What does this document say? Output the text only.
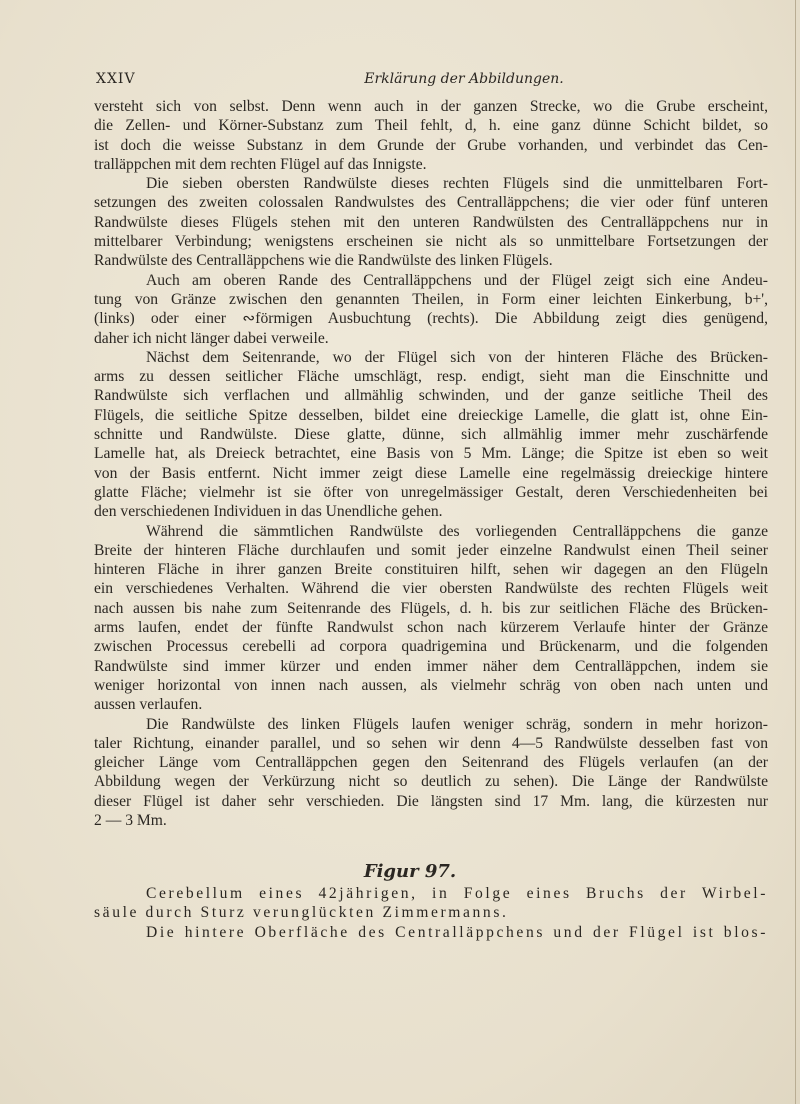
XXIV	Erklärung der Abbildungen.
versteht sich von selbst. Denn wenn auch in der ganzen Strecke, wo die Grube erscheint,
die Zellen- und Körner-Substanz zum Theil fehlt, d, h. eine ganz dünne Schicht bildet, so
ist doch die weisse Substanz in dem Grunde der Grube vorhanden, und verbindet das Cen-
tralläppchen mit dem rechten Flügel auf das Innigste.
Die sieben obersten Randwülste dieses rechten Flügels sind die unmittelbaren Fort-
setzungen des zweiten colossalen Randwulstes des Centralläppchens; die vier oder fünf unteren
Randwülste dieses Flügels stehen mit den unteren Randwülsten des Centralläppchens nur in
mittelbarer Verbindung; wenigstens erscheinen sie nicht als so unmittelbare Fortsetzungen der
Randwülste des Centralläppchens wie die Randwülste des linken Flügels.
Auch am oberen Rande des Centralläppchens und der Flügel zeigt sich eine Andeu-
tung von Gränze zwischen den genannten Theilen, in Form einer leichten Einkerbung, b+',
(links) oder einer ∾förmigen Ausbuchtung (rechts). Die Abbildung zeigt dies genügend,
daher ich nicht länger dabei verweile.
Nächst dem Seitenrande, wo der Flügel sich von der hinteren Fläche des Brücken-
arms zu dessen seitlicher Fläche umschlägt, resp. endigt, sieht man die Einschnitte und
Randwülste sich verflachen und allmählig schwinden, und der ganze seitliche Theil des
Flügels, die seitliche Spitze desselben, bildet eine dreieckige Lamelle, die glatt ist, ohne Ein-
schnitte und Randwülste. Diese glatte, dünne, sich allmählig immer mehr zuschärfende
Lamelle hat, als Dreieck betrachtet, eine Basis von 5 Mm. Länge; die Spitze ist eben so weit
von der Basis entfernt. Nicht immer zeigt diese Lamelle eine regelmässig dreieckige hintere
glatte Fläche; vielmehr ist sie öfter von unregelmässiger Gestalt, deren Verschiedenheiten bei
den verschiedenen Individuen in das Unendliche gehen.
Während die sämmtlichen Randwülste des vorliegenden Centralläppchens die ganze
Breite der hinteren Fläche durchlaufen und somit jeder einzelne Randwulst einen Theil seiner
hinteren Fläche in ihrer ganzen Breite constituiren hilft, sehen wir dagegen an den Flügeln
ein verschiedenes Verhalten. Während die vier obersten Randwülste des rechten Flügels weit
nach aussen bis nahe zum Seitenrande des Flügels, d. h. bis zur seitlichen Fläche des Brücken-
arms laufen, endet der fünfte Randwulst schon nach kürzerem Verlaufe hinter der Gränze
zwischen Processus cerebelli ad corpora quadrigemina und Brückenarm, und die folgenden
Randwülste sind immer kürzer und enden immer näher dem Centralläppchen, indem sie
weniger horizontal von innen nach aussen, als vielmehr schräg von oben nach unten und
aussen verlaufen.
Die Randwülste des linken Flügels laufen weniger schräg, sondern in mehr horizon-
taler Richtung, einander parallel, und so sehen wir denn 4—5 Randwülste desselben fast von
gleicher Länge vom Centralläppchen gegen den Seitenrand des Flügels verlaufen (an der
Abbildung wegen der Verkürzung nicht so deutlich zu sehen). Die Länge der Randwülste
dieser Flügel ist daher sehr verschieden. Die längsten sind 17 Mm. lang, die kürzesten nur
2 — 3 Mm.
Figur 97.
Cerebellum eines 42jährigen, in Folge eines Bruchs der Wirbel-
säule durch Sturz verunglückten Zimmermanns.
Die hintere Oberfläche des Centralläppchens und der Flügel ist blos-
